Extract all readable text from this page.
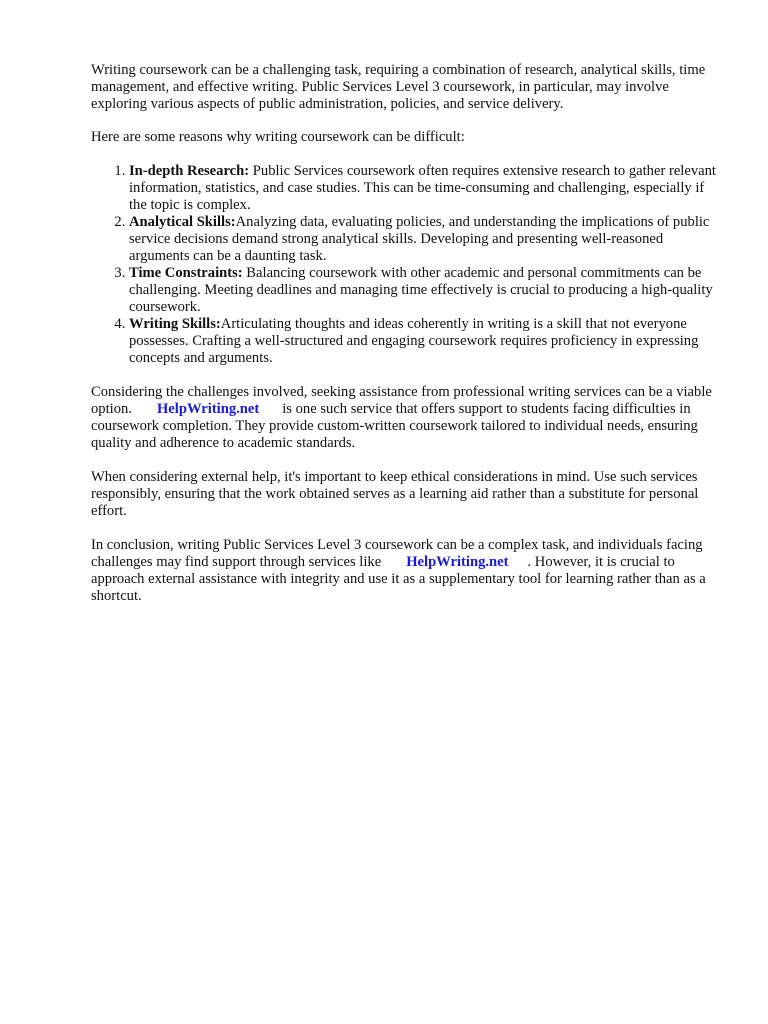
Writing coursework can be a challenging task, requiring a combination of research, analytical skills, time management, and effective writing. Public Services Level 3 coursework, in particular, may involve exploring various aspects of public administration, policies, and service delivery.

Here are some reasons why writing coursework can be difficult:

1. In-depth Research: Public Services coursework often requires extensive research to gather relevant information, statistics, and case studies. This can be time-consuming and challenging, especially if the topic is complex.
2. Analytical Skills:Analyzing data, evaluating policies, and understanding the implications of public service decisions demand strong analytical skills. Developing and presenting well-reasoned arguments can be a daunting task.
3. Time Constraints: Balancing coursework with other academic and personal commitments can be challenging. Meeting deadlines and managing time effectively is crucial to producing a high-quality coursework.
4. Writing Skills:Articulating thoughts and ideas coherently in writing is a skill that not everyone possesses. Crafting a well-structured and engaging coursework requires proficiency in expressing concepts and arguments.

Considering the challenges involved, seeking assistance from professional writing services can be a viable option. HelpWriting.net is one such service that offers support to students facing difficulties in coursework completion. They provide custom-written coursework tailored to individual needs, ensuring quality and adherence to academic standards.

When considering external help, it's important to keep ethical considerations in mind. Use such services responsibly, ensuring that the work obtained serves as a learning aid rather than a substitute for personal effort.

In conclusion, writing Public Services Level 3 coursework can be a complex task, and individuals facing challenges may find support through services like HelpWriting.net . However, it is crucial to approach external assistance with integrity and use it as a supplementary tool for learning rather than as a shortcut.
